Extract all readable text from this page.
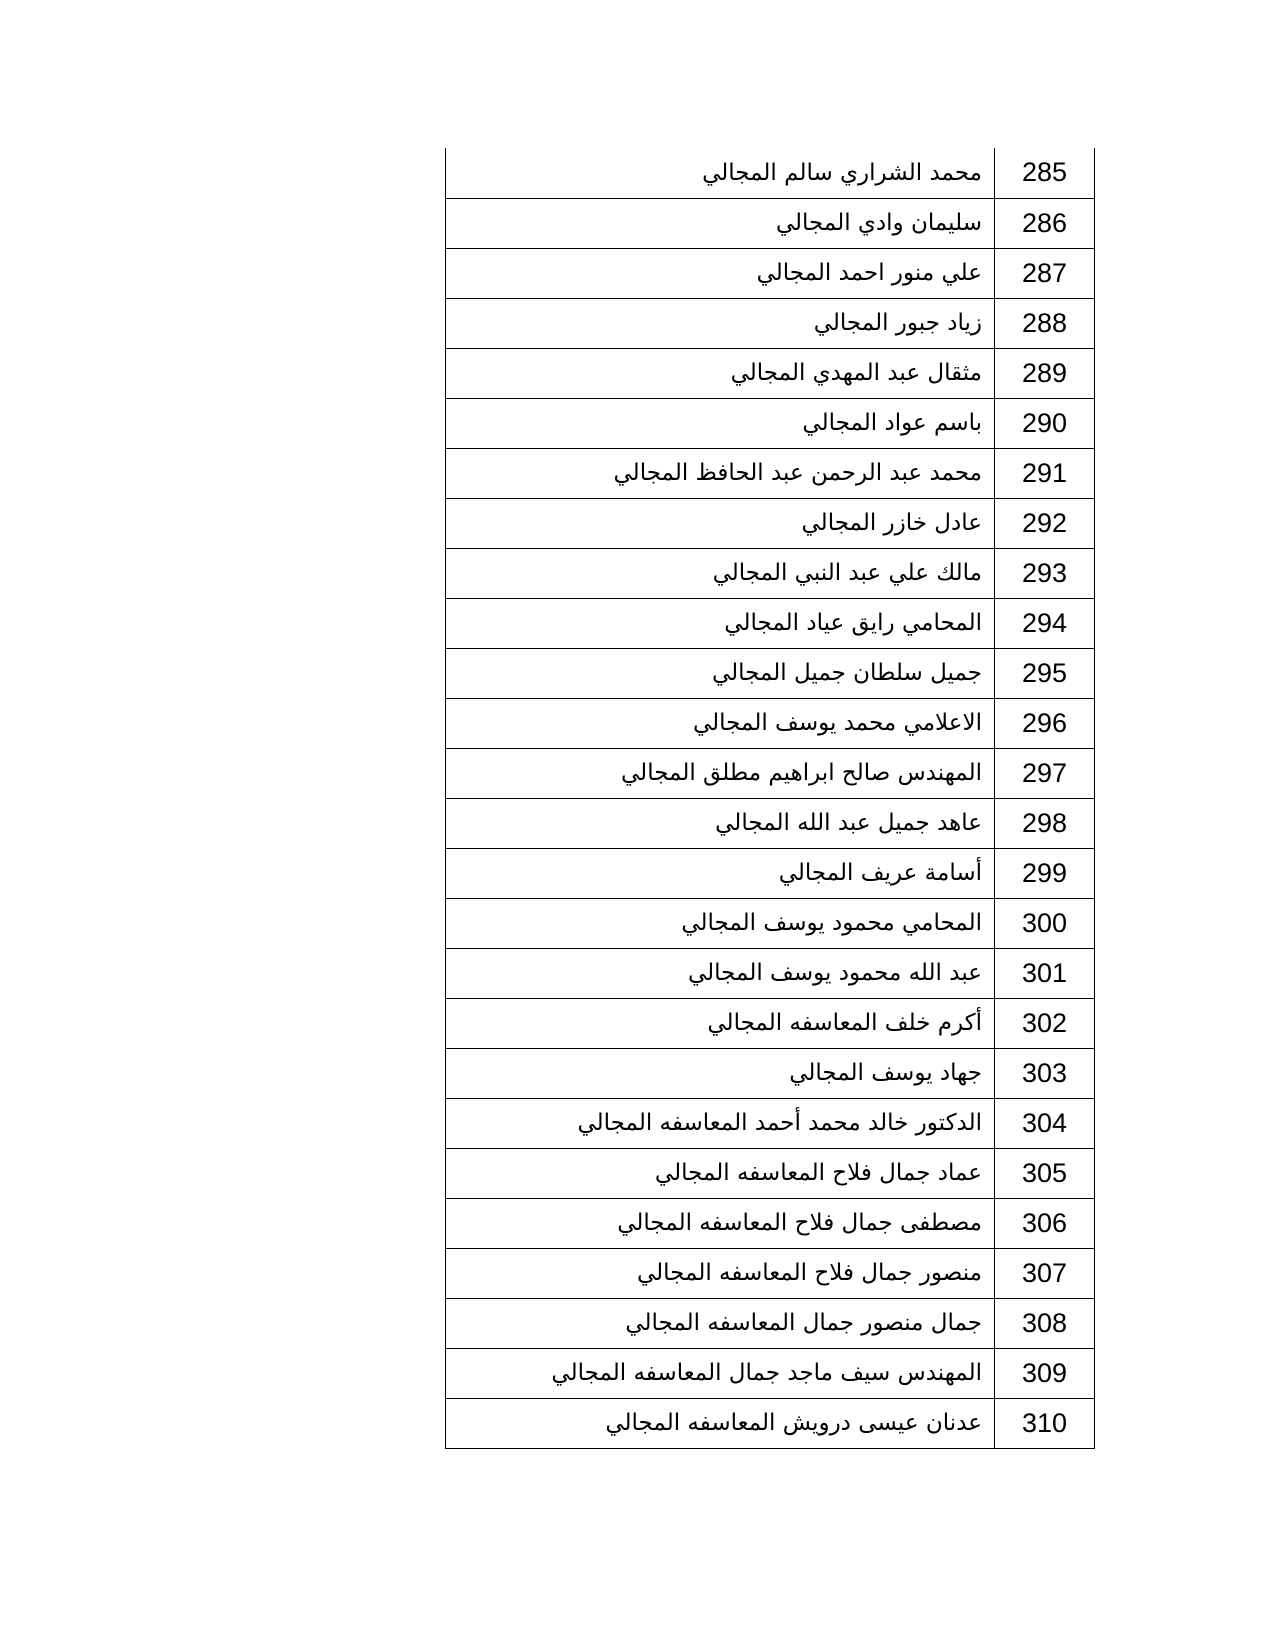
محمد الشراري سالم المجالي	285
سليمان وادي المجالي	286
علي منور احمد المجالي	287
زياد جبور المجالي	288
مثقال عبد المهدي المجالي	289
باسم عواد المجالي	290
محمد عبد الرحمن عبد الحافظ المجالي	291
عادل خازر المجالي	292
مالك علي عبد النبي المجالي	293
المحامي رايق عياد المجالي	294
جميل سلطان جميل المجالي	295
الاعلامي محمد يوسف المجالي	296
المهندس صالح ابراهيم مطلق المجالي	297
عاهد جميل عبد الله المجالي	298
أسامة عريف المجالي	299
المحامي محمود يوسف المجالي	300
عبد الله محمود يوسف المجالي	301
أكرم خلف المعاسفه المجالي	302
جهاد يوسف المجالي	303
الدكتور خالد محمد أحمد المعاسفه المجالي	304
عماد جمال فلاح المعاسفه المجالي	305
مصطفى جمال فلاح المعاسفه المجالي	306
منصور جمال فلاح المعاسفه المجالي	307
جمال منصور جمال المعاسفه المجالي	308
المهندس سيف ماجد جمال المعاسفه المجالي	309
عدنان عيسى درويش المعاسفه المجالي	310
